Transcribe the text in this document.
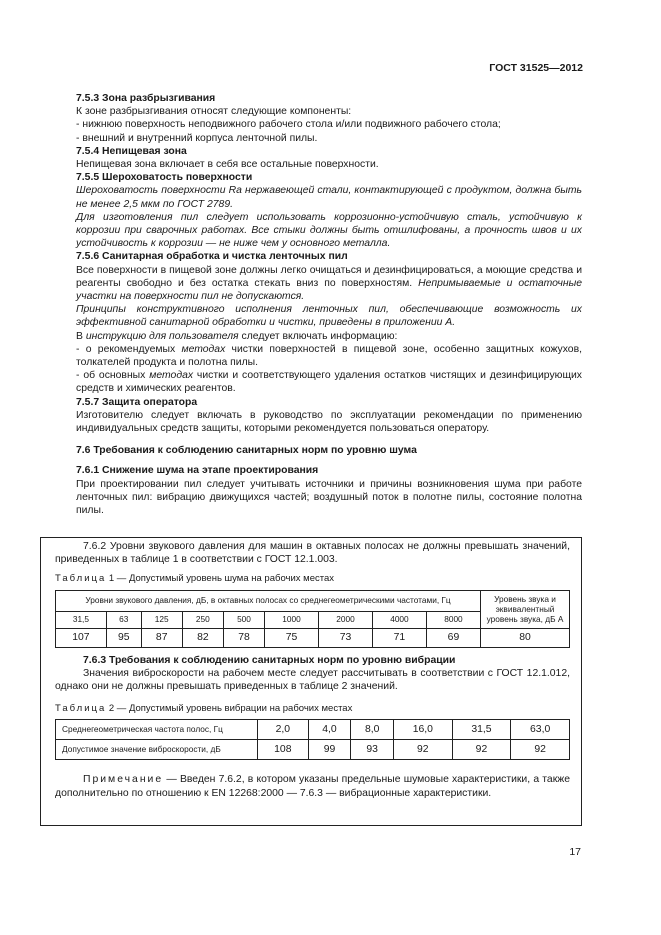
ГОСТ 31525—2012
7.5.3 Зона разбрызгивания
К зоне разбрызгивания относят следующие компоненты:
- нижнюю поверхность неподвижного рабочего стола и/или подвижного рабочего стола;
- внешний и внутренний корпуса ленточной пилы.
7.5.4 Непищевая зона
Непищевая зона включает в себя все остальные поверхности.
7.5.5 Шероховатость поверхности
Шероховатость поверхности Ra нержавеющей стали, контактирующей с продуктом, должна быть не менее 2,5 мкм по ГОСТ 2789.
Для изготовления пил следует использовать коррозионно-устойчивую сталь, устойчивую к коррозии при сварочных работах. Все стыки должны быть отшлифованы, а прочность швов и их устойчивость к коррозии — не ниже чем у основного металла.
7.5.6 Санитарная обработка и чистка ленточных пил
Все поверхности в пищевой зоне должны легко очищаться и дезинфицироваться, а моющие средства и реагенты свободно и без остатка стекать вниз по поверхностям. Непримываемые и остаточные участки на поверхности пил не допускаются.
Принципы конструктивного исполнения ленточных пил, обеспечивающие возможность их эффективной санитарной обработки и чистки, приведены в приложении А.
В инструкцию для пользователя следует включать информацию:
- о рекомендуемых методах чистки поверхностей в пищевой зоне, особенно защитных кожухов, толкателей продукта и полотна пилы.
- об основных методах чистки и соответствующего удаления остатков чистящих и дезинфицирующих средств и химических реагентов.
7.5.7 Защита оператора
Изготовителю следует включать в руководство по эксплуатации рекомендации по применению индивидуальных средств защиты, которыми рекомендуется пользоваться оператору.
7.6 Требования к соблюдению санитарных норм по уровню шума
7.6.1 Снижение шума на этапе проектирования
При проектировании пил следует учитывать источники и причины возникновения шума при работе ленточных пил: вибрацию движущихся частей; воздушный поток в полотне пилы, состояние полотна пилы.
7.6.2 Уровни звукового давления для машин в октавных полосах не должны превышать значений, приведенных в таблице 1 в соответствии с ГОСТ 12.1.003.
Таблица 1 — Допустимый уровень шума на рабочих местах
Уровни звукового давления, дБ, в октавных полосах со среднегеометрическими частотами, Гц									Уровень звука и эквивалентный уровень звука, дБ А
31,5	63	125	250	500	1000	2000	4000	8000	
107	95	87	82	78	75	73	71	69	80
7.6.3 Требования к соблюдению санитарных норм по уровню вибрации
Значения виброскорости на рабочем месте следует рассчитывать в соответствии с ГОСТ 12.1.012, однако они не должны превышать приведенных в таблице 2 значений.
Таблица 2 — Допустимый уровень вибрации на рабочих местах
Среднегеометрическая частота полос, Гц	2,0	4,0	8,0	16,0	31,5	63,0
Допустимое значение виброскорости, дБ	108	99	93	92	92	92
Примечание — Введен 7.6.2, в котором указаны предельные шумовые характеристики, а также дополнительно по отношению к EN 12268:2000 — 7.6.3 — вибрационные характеристики.
17
